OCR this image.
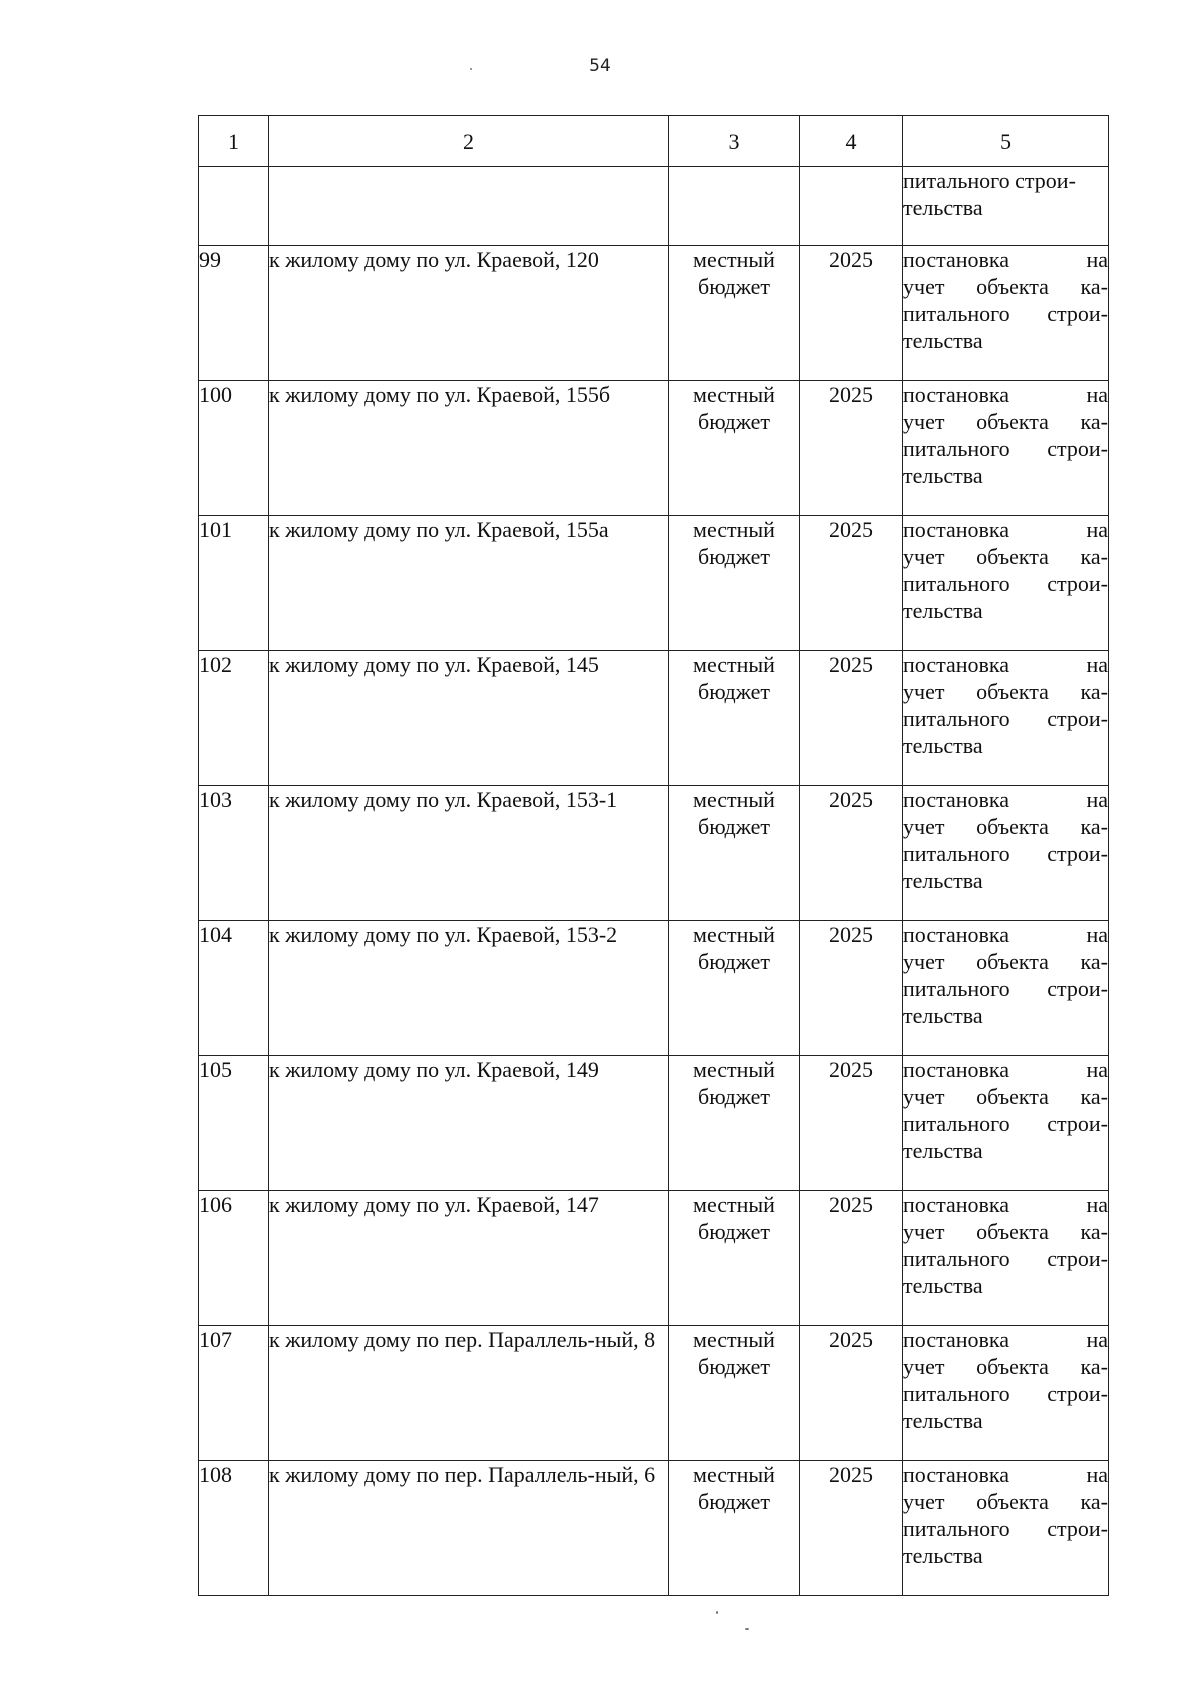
54
1	2	3	4	5

				питального строи-
тельства

99	к жилому дому по ул. Краевой, 120	местный бюджет	2025	постановка на
учет объекта ка-
питального строи-
тельства

100	к жилому дому по ул. Краевой, 155б	местный бюджет	2025	постановка на
учет объекта ка-
питального строи-
тельства

101	к жилому дому по ул. Краевой, 155а	местный бюджет	2025	постановка на
учет объекта ка-
питального строи-
тельства

102	к жилому дому по ул. Краевой, 145	местный бюджет	2025	постановка на
учет объекта ка-
питального строи-
тельства

103	к жилому дому по ул. Краевой, 153-1	местный бюджет	2025	постановка на
учет объекта ка-
питального строи-
тельства

104	к жилому дому по ул. Краевой, 153-2	местный бюджет	2025	постановка на
учет объекта ка-
питального строи-
тельства

105	к жилому дому по ул. Краевой, 149	местный бюджет	2025	постановка на
учет объекта ка-
питального строи-
тельства

106	к жилому дому по ул. Краевой, 147	местный бюджет	2025	постановка на
учет объекта ка-
питального строи-
тельства

107	к жилому дому по пер. Параллель-ный, 8	местный бюджет	2025	постановка на
учет объекта ка-
питального строи-
тельства

108	к жилому дому по пер. Параллель-ный, 6	местный бюджет	2025	постановка на
учет объекта ка-
питального строи-
тельства
